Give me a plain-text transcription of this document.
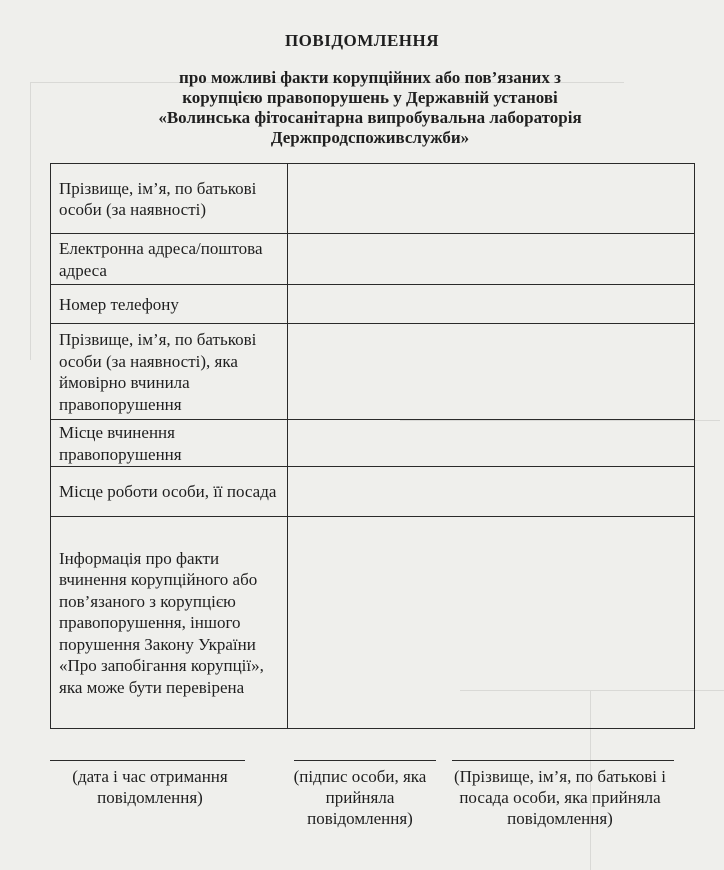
ПОВІДОМЛЕННЯ
про можливі факти корупційних або пов’язаних з
корупцією правопорушень у Державній установі
«Волинська фітосанітарна випробувальна лабораторія
Держпродспоживслужби»
Прізвище, ім’я, по батькові особи (за наявності)	
Електронна адреса/поштова адреса	
Номер телефону	
Прізвище, ім’я, по батькові особи (за наявності), яка ймовірно вчинила правопорушення	
Місце вчинення правопорушення	
Місце роботи особи, її посада	
Інформація про факти вчинення корупційного або пов’язаного з корупцією правопорушення, іншого порушення Закону України «Про запобігання корупції», яка може бути перевірена	
(дата і час отримання повідомлення)
(підпис особи, яка прийняла повідомлення)
(Прізвище, ім’я, по батькові і посада особи, яка прийняла повідомлення)
